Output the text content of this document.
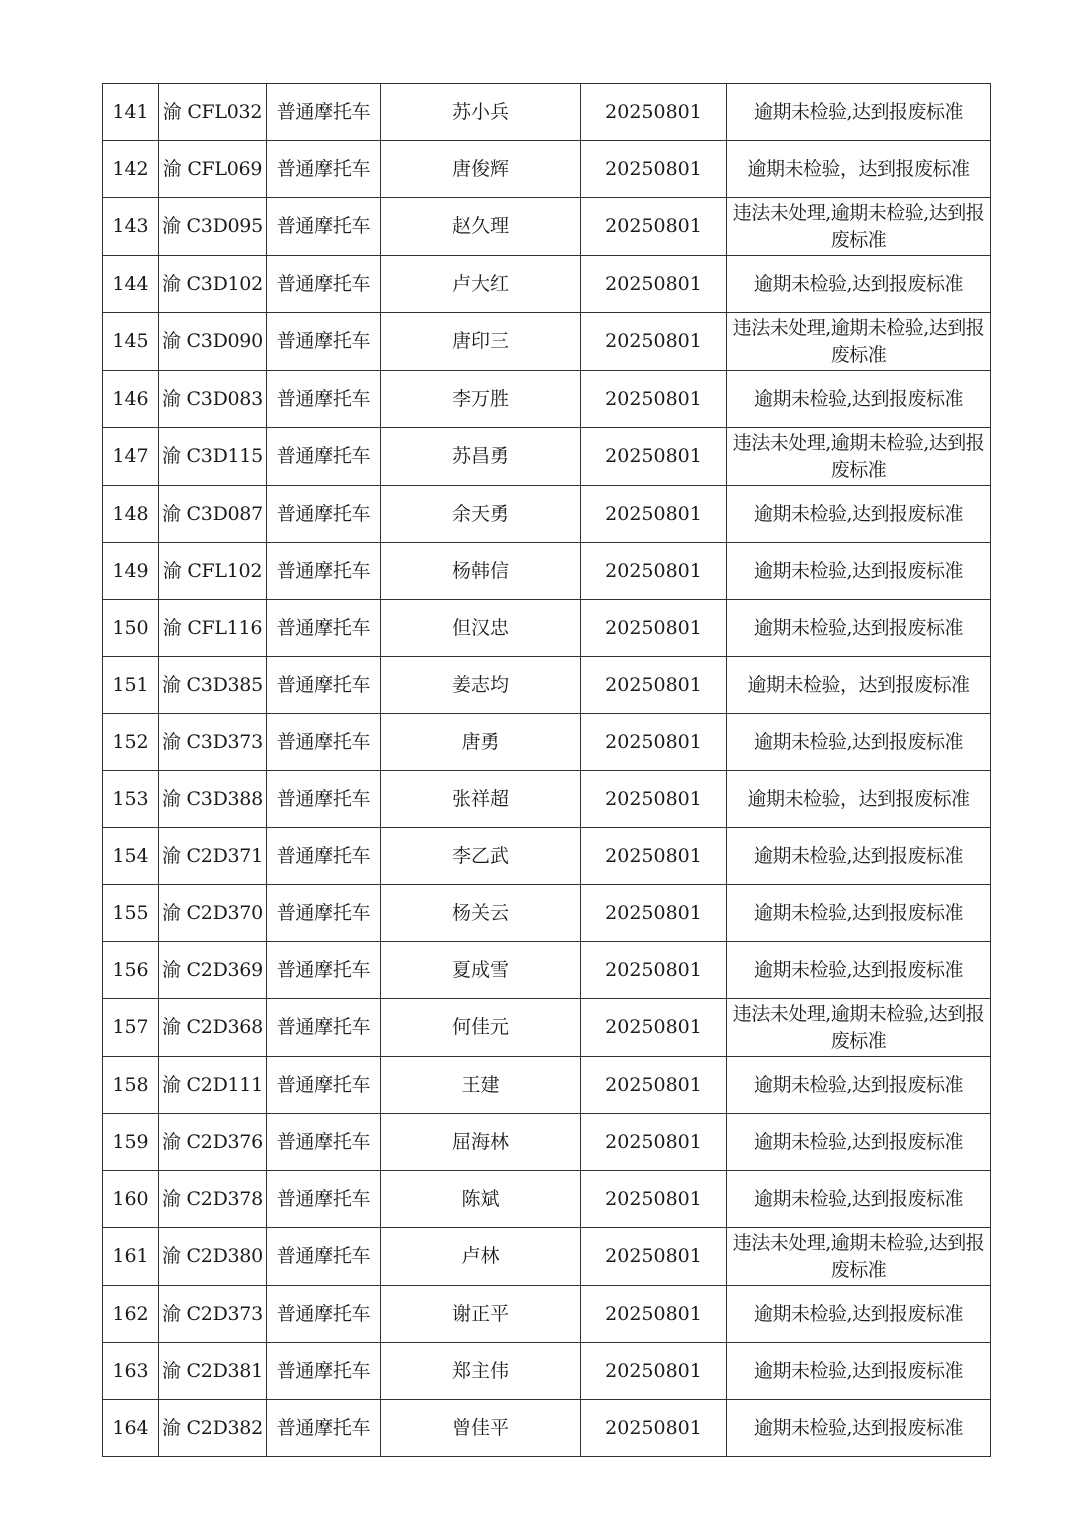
141	渝 CFL032	普通摩托车	苏小兵	20250801	逾期未检验,达到报废标准
142	渝 CFL069	普通摩托车	唐俊辉	20250801	逾期未检验，达到报废标准
143	渝 C3D095	普通摩托车	赵久理	20250801	违法未处理,逾期未检验,达到报废标准
144	渝 C3D102	普通摩托车	卢大红	20250801	逾期未检验,达到报废标准
145	渝 C3D090	普通摩托车	唐印三	20250801	违法未处理,逾期未检验,达到报废标准
146	渝 C3D083	普通摩托车	李万胜	20250801	逾期未检验,达到报废标准
147	渝 C3D115	普通摩托车	苏昌勇	20250801	违法未处理,逾期未检验,达到报废标准
148	渝 C3D087	普通摩托车	余天勇	20250801	逾期未检验,达到报废标准
149	渝 CFL102	普通摩托车	杨韩信	20250801	逾期未检验,达到报废标准
150	渝 CFL116	普通摩托车	但汉忠	20250801	逾期未检验,达到报废标准
151	渝 C3D385	普通摩托车	姜志均	20250801	逾期未检验，达到报废标准
152	渝 C3D373	普通摩托车	唐勇	20250801	逾期未检验,达到报废标准
153	渝 C3D388	普通摩托车	张祥超	20250801	逾期未检验，达到报废标准
154	渝 C2D371	普通摩托车	李乙武	20250801	逾期未检验,达到报废标准
155	渝 C2D370	普通摩托车	杨关云	20250801	逾期未检验,达到报废标准
156	渝 C2D369	普通摩托车	夏成雪	20250801	逾期未检验,达到报废标准
157	渝 C2D368	普通摩托车	何佳元	20250801	违法未处理,逾期未检验,达到报废标准
158	渝 C2D111	普通摩托车	王建	20250801	逾期未检验,达到报废标准
159	渝 C2D376	普通摩托车	屈海林	20250801	逾期未检验,达到报废标准
160	渝 C2D378	普通摩托车	陈斌	20250801	逾期未检验,达到报废标准
161	渝 C2D380	普通摩托车	卢林	20250801	违法未处理,逾期未检验,达到报废标准
162	渝 C2D373	普通摩托车	谢正平	20250801	逾期未检验,达到报废标准
163	渝 C2D381	普通摩托车	郑主伟	20250801	逾期未检验,达到报废标准
164	渝 C2D382	普通摩托车	曾佳平	20250801	逾期未检验,达到报废标准
